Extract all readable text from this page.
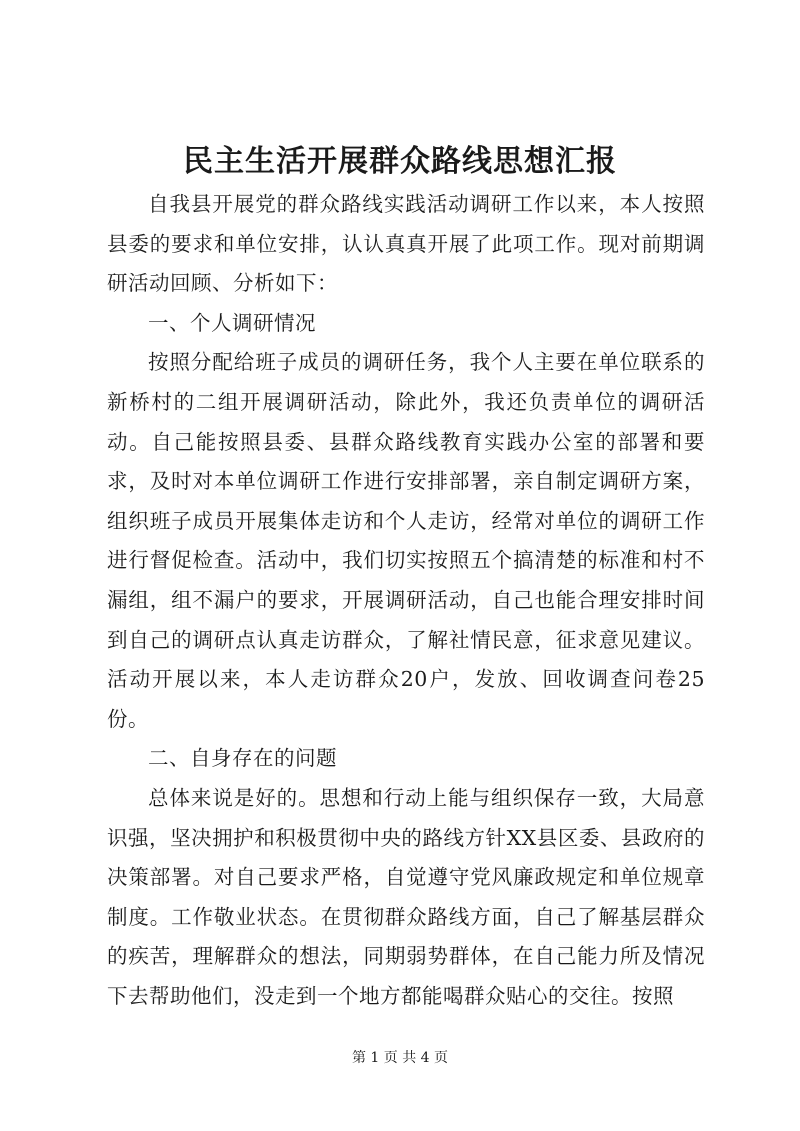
民主生活开展群众路线思想汇报

自我县开展党的群众路线实践活动调研工作以来，本人按照县委的要求和单位安排，认认真真开展了此项工作。现对前期调研活动回顾、分析如下：

一、个人调研情况

按照分配给班子成员的调研任务，我个人主要在单位联系的新桥村的二组开展调研活动，除此外，我还负责单位的调研活动。自己能按照县委、县群众路线教育实践办公室的部署和要求，及时对本单位调研工作进行安排部署，亲自制定调研方案，组织班子成员开展集体走访和个人走访，经常对单位的调研工作进行督促检查。活动中，我们切实按照五个搞清楚的标准和村不漏组，组不漏户的要求，开展调研活动，自己也能合理安排时间到自己的调研点认真走访群众，了解社情民意，征求意见建议。活动开展以来，本人走访群众20户，发放、回收调查问卷25份。

二、自身存在的问题

总体来说是好的。思想和行动上能与组织保存一致，大局意识强，坚决拥护和积极贯彻中央的路线方针XX县区委、县政府的决策部署。对自己要求严格，自觉遵守党风廉政规定和单位规章制度。工作敬业状态。在贯彻群众路线方面，自己了解基层群众的疾苦，理解群众的想法，同期弱势群体，在自己能力所及情况下去帮助他们，没走到一个地方都能喝群众贴心的交往。按照

第 1 页 共 4 页
